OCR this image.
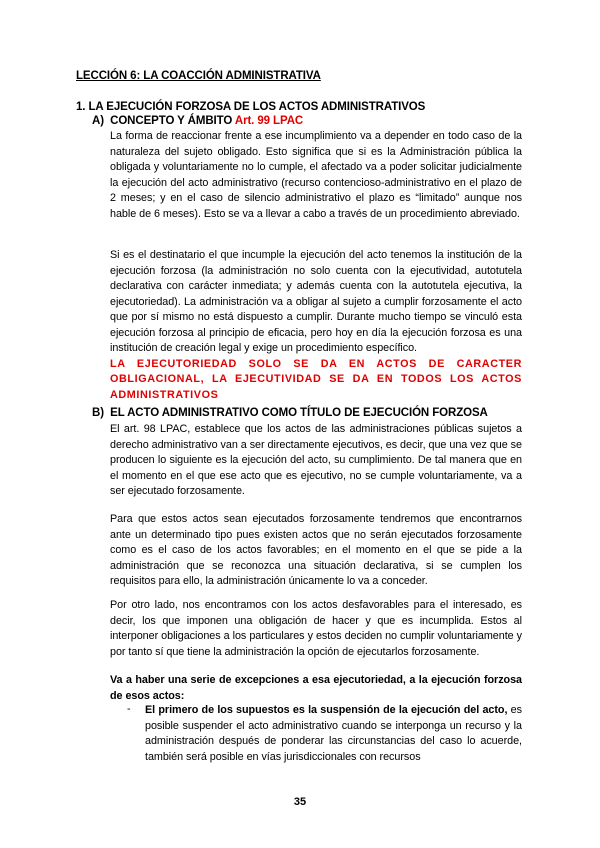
LECCIÓN 6: LA COACCIÓN ADMINISTRATIVA
1. LA EJECUCIÓN FORZOSA DE LOS ACTOS ADMINISTRATIVOS
A)  CONCEPTO Y ÁMBITO Art. 99 LPAC

La forma de reaccionar frente a ese incumplimiento va a depender en todo caso de la naturaleza del sujeto obligado. Esto significa que si es la Administración pública la obligada y voluntariamente no lo cumple, el afectado va a poder solicitar judicialmente la ejecución del acto administrativo (recurso contencioso-administrativo en el plazo de 2 meses; y en el caso de silencio administrativo el plazo es “limitado” aunque nos hable de 6 meses). Esto se va a llevar a cabo a través de un procedimiento abreviado.

Si es el destinatario el que incumple la ejecución del acto tenemos la institución de la ejecución forzosa (la administración no solo cuenta con la ejecutividad, autotutela declarativa con carácter inmediata; y además cuenta con la autotutela ejecutiva, la ejecutoriedad). La administración va a obligar al sujeto a cumplir forzosamente el acto que por sí mismo no está dispuesto a cumplir. Durante mucho tiempo se vinculó esta ejecución forzosa al principio de eficacia, pero hoy en día la ejecución forzosa es una institución de creación legal y exige un procedimiento específico.

LA EJECUTORIEDAD SOLO SE DA EN ACTOS DE CARACTER OBLIGACIONAL, LA EJECUTIVIDAD SE DA EN TODOS LOS ACTOS ADMINISTRATIVOS

B)  EL ACTO ADMINISTRATIVO COMO TÍTULO DE EJECUCIÓN FORZOSA

El art. 98 LPAC, establece que los actos de las administraciones públicas sujetos a derecho administrativo van a ser directamente ejecutivos, es decir, que una vez que se producen lo siguiente es la ejecución del acto, su cumplimiento. De tal manera que en el momento en el que ese acto que es ejecutivo, no se cumple voluntariamente, va a ser ejecutado forzosamente.

Para que estos actos sean ejecutados forzosamente tendremos que encontrarnos ante un determinado tipo pues existen actos que no serán ejecutados forzosamente como es el caso de los actos favorables; en el momento en el que se pide a la administración que se reconozca una situación declarativa, si se cumplen los requisitos para ello, la administración únicamente lo va a conceder.

Por otro lado, nos encontramos con los actos desfavorables para el interesado, es decir, los que imponen una obligación de hacer y que es incumplida. Estos al interponer obligaciones a los particulares y estos deciden no cumplir voluntariamente y por tanto sí que tiene la administración la opción de ejecutarlos forzosamente.

Va a haber una serie de excepciones a esa ejecutoriedad, a la ejecución forzosa de esos actos:

- El primero de los supuestos es la suspensión de la ejecución del acto, es posible suspender el acto administrativo cuando se interponga un recurso y la administración después de ponderar las circunstancias del caso lo acuerde, también será posible en vías jurisdiccionales con recursos

35
